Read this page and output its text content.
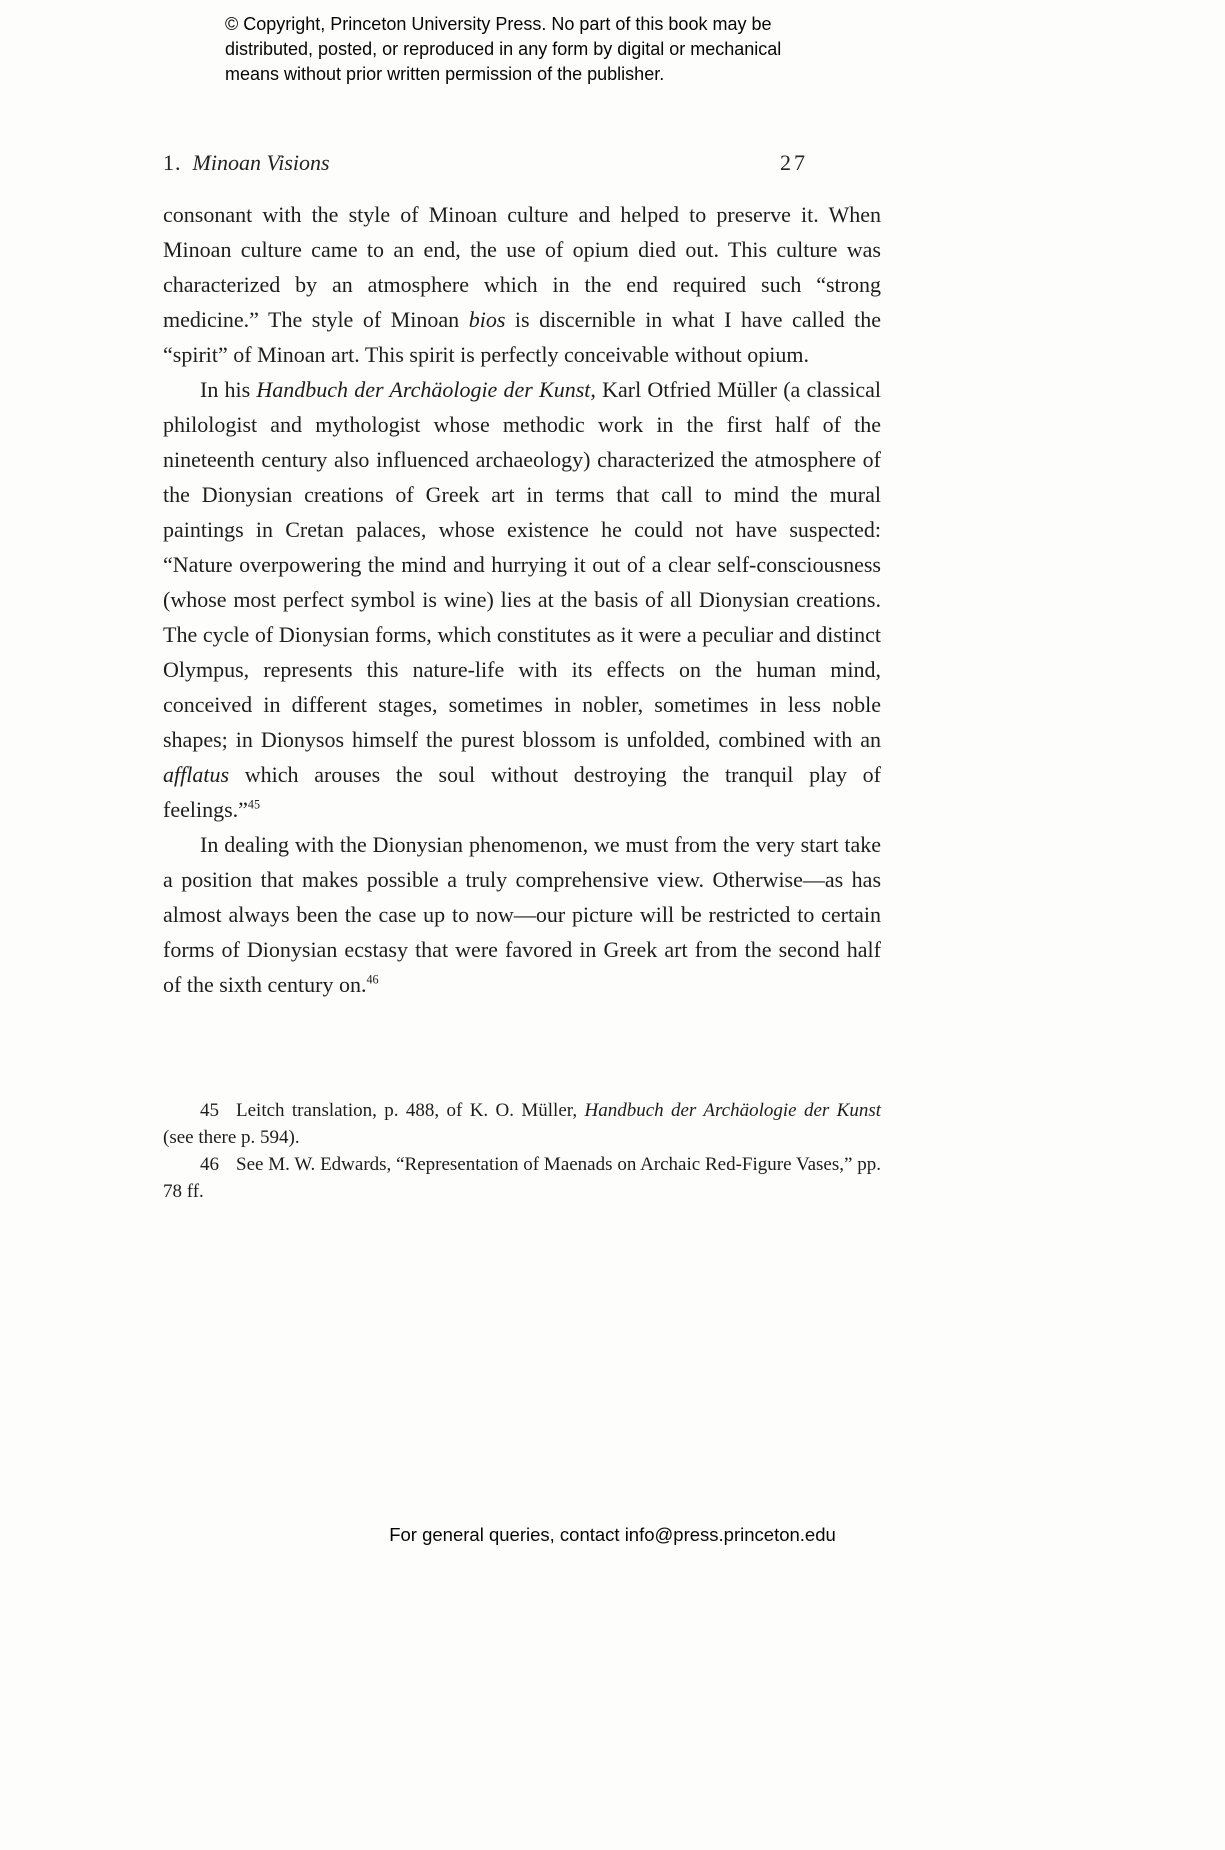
© Copyright, Princeton University Press. No part of this book may be distributed, posted, or reproduced in any form by digital or mechanical means without prior written permission of the publisher.
1. Minoan Visions	27

consonant with the style of Minoan culture and helped to preserve it. When Minoan culture came to an end, the use of opium died out. This culture was characterized by an atmosphere which in the end required such “strong medicine.” The style of Minoan bios is discernible in what I have called the “spirit” of Minoan art. This spirit is perfectly conceivable without opium.

In his Handbuch der Archäologie der Kunst, Karl Otfried Müller (a classical philologist and mythologist whose methodic work in the first half of the nineteenth century also influenced archaeology) characterized the atmosphere of the Dionysian creations of Greek art in terms that call to mind the mural paintings in Cretan palaces, whose existence he could not have suspected: “Nature overpowering the mind and hurrying it out of a clear self-consciousness (whose most perfect symbol is wine) lies at the basis of all Dionysian creations. The cycle of Dionysian forms, which constitutes as it were a peculiar and distinct Olympus, represents this nature-life with its effects on the human mind, conceived in different stages, sometimes in nobler, sometimes in less noble shapes; in Dionysos himself the purest blossom is unfolded, combined with an afflatus which arouses the soul without destroying the tranquil play of feelings.”$^{45}$

In dealing with the Dionysian phenomenon, we must from the very start take a position that makes possible a truly comprehensive view. Otherwise—as has almost always been the case up to now—our picture will be restricted to certain forms of Dionysian ecstasy that were favored in Greek art from the second half of the sixth century on.$^{46}$

45 Leitch translation, p. 488, of K. O. Müller, Handbuch der Archäologie der Kunst (see there p. 594).

46 See M. W. Edwards, “Representation of Maenads on Archaic Red-Figure Vases,” pp. 78 ff.

For general queries, contact info@press.princeton.edu
